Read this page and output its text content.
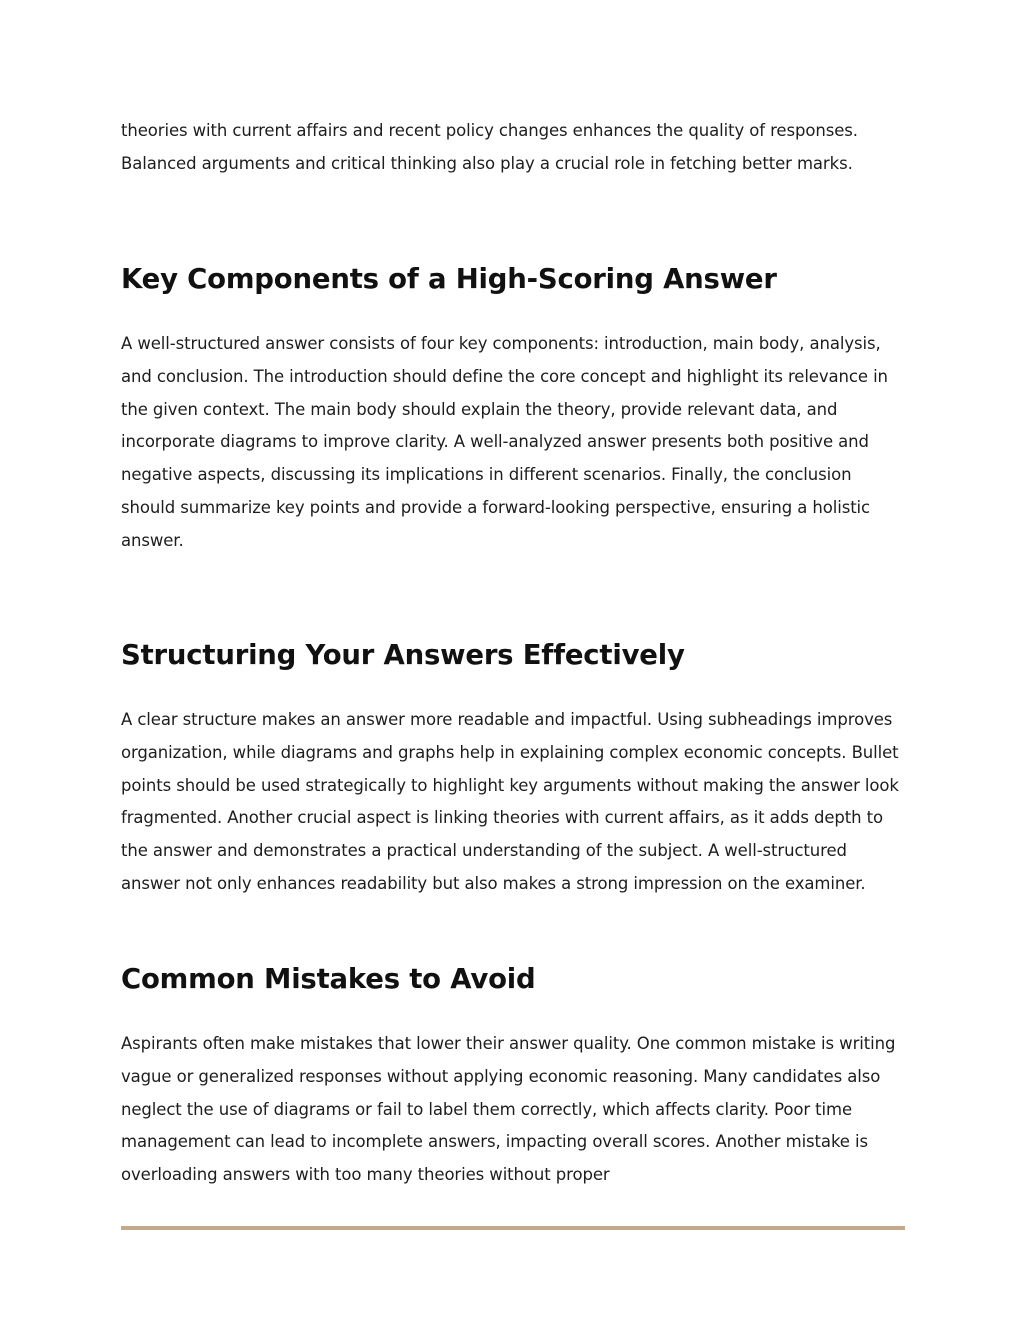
theories with current affairs and recent policy changes enhances the quality of responses. Balanced arguments and critical thinking also play a crucial role in fetching better marks.

Key Components of a High-Scoring Answer

A well-structured answer consists of four key components: introduction, main body, analysis, and conclusion. The introduction should define the core concept and highlight its relevance in the given context. The main body should explain the theory, provide relevant data, and incorporate diagrams to improve clarity. A well-analyzed answer presents both positive and negative aspects, discussing its implications in different scenarios. Finally, the conclusion should summarize key points and provide a forward-looking perspective, ensuring a holistic answer.

Structuring Your Answers Effectively

A clear structure makes an answer more readable and impactful. Using subheadings improves organization, while diagrams and graphs help in explaining complex economic concepts. Bullet points should be used strategically to highlight key arguments without making the answer look fragmented. Another crucial aspect is linking theories with current affairs, as it adds depth to the answer and demonstrates a practical understanding of the subject. A well-structured answer not only enhances readability but also makes a strong impression on the examiner.

Common Mistakes to Avoid

Aspirants often make mistakes that lower their answer quality. One common mistake is writing vague or generalized responses without applying economic reasoning. Many candidates also neglect the use of diagrams or fail to label them correctly, which affects clarity. Poor time management can lead to incomplete answers, impacting overall scores. Another mistake is overloading answers with too many theories without proper
